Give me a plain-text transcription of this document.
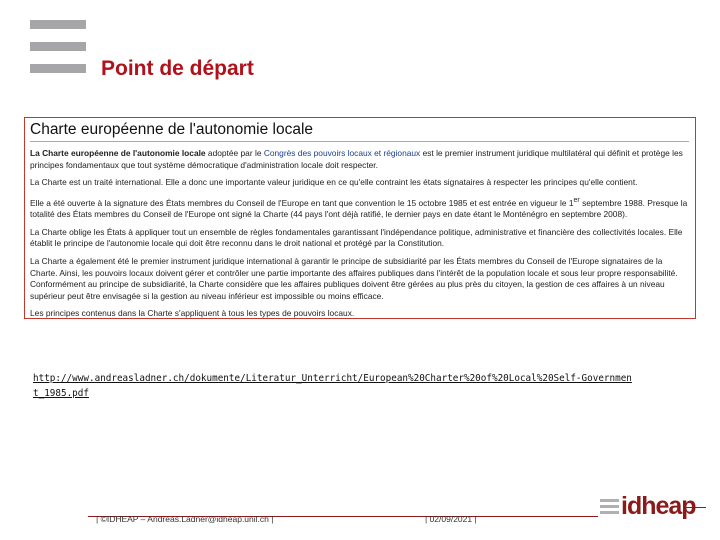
Point de départ
Charte européenne de l'autonomie locale

La Charte européenne de l'autonomie locale adoptée par le Congrès des pouvoirs locaux et régionaux est le premier instrument juridique multilatéral qui définit et protège les principes fondamentaux que tout système démocratique d'administration locale doit respecter.

La Charte est un traité international. Elle a donc une importante valeur juridique en ce qu'elle contraint les états signataires à respecter les principes qu'elle contient.

Elle a été ouverte à la signature des États membres du Conseil de l'Europe en tant que convention le 15 octobre 1985 et est entrée en vigueur le 1er septembre 1988. Presque la totalité des États membres du Conseil de l'Europe ont signé la Charte (44 pays l'ont déjà ratifié, le dernier pays en date étant le Monténégro en septembre 2008).

La Charte oblige les États à appliquer tout un ensemble de règles fondamentales garantissant l'indépendance politique, administrative et financière des collectivités locales. Elle établit le principe de l'autonomie locale qui doit être reconnu dans le droit national et protégé par la Constitution.

La Charte a également été le premier instrument juridique international à garantir le principe de subsidiarité par les États membres du Conseil de l'Europe signataires de la Charte. Ainsi, les pouvoirs locaux doivent gérer et contrôler une partie importante des affaires publiques dans l'intérêt de la population locale et sous leur propre responsabilité. Conformément au principe de subsidiarité, la Charte considère que les affaires publiques doivent être gérées au plus près du citoyen, la gestion de ces affaires à un niveau supérieur peut être envisagée si la gestion au niveau inférieur est impossible ou moins efficace.

Les principes contenus dans la Charte s'appliquent à tous les types de pouvoirs locaux.

http://www.andreasladner.ch/dokumente/Literatur_Unterricht/European%20Charter%20of%20Local%20Self-Government_1985.pdf
| ©IDHEAP – Andreas.Ladner@idheap.unil.ch |	| 02/09/2021 |	idheap
